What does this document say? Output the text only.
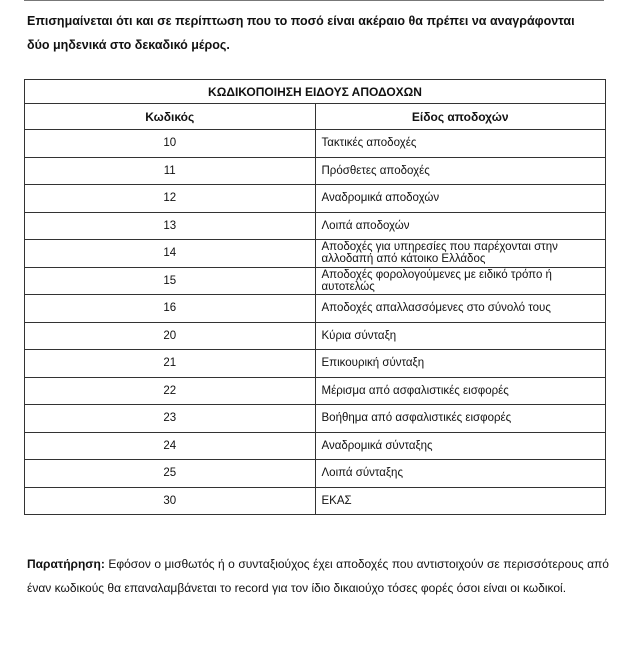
Επισημαίνεται ότι και σε περίπτωση που το ποσό είναι ακέραιο θα πρέπει να αναγράφονται
δύο μηδενικά στο δεκαδικό μέρος.

ΚΩΔΙΚΟΠΟΙΗΣΗ ΕΙΔΟΥΣ ΑΠΟΔΟΧΩΝ	
Κωδικός	Είδος αποδοχών
10	Τακτικές αποδοχές
11	Πρόσθετες αποδοχές
12	Αναδρομικά αποδοχών
13	Λοιπά αποδοχών
14	Αποδοχές για υπηρεσίες που παρέχονται στην αλλοδαπή από κάτοικο Ελλάδος
15	Αποδοχές φορολογούμενες με ειδικό τρόπο ή αυτοτελώς
16	Αποδοχές απαλλασσόμενες στο σύνολό τους
20	Κύρια σύνταξη
21	Επικουρική σύνταξη
22	Μέρισμα από ασφαλιστικές εισφορές
23	Βοήθημα από ασφαλιστικές εισφορές
24	Αναδρομικά σύνταξης
25	Λοιπά σύνταξης
30	ΕΚΑΣ

Παρατήρηση: Εφόσον ο μισθωτός ή ο συνταξιούχος έχει αποδοχές που αντιστοιχούν σε περισσότερους από έναν κωδικούς θα επαναλαμβάνεται το record για τον ίδιο δικαιούχο τόσες φορές όσοι είναι οι κωδικοί.
